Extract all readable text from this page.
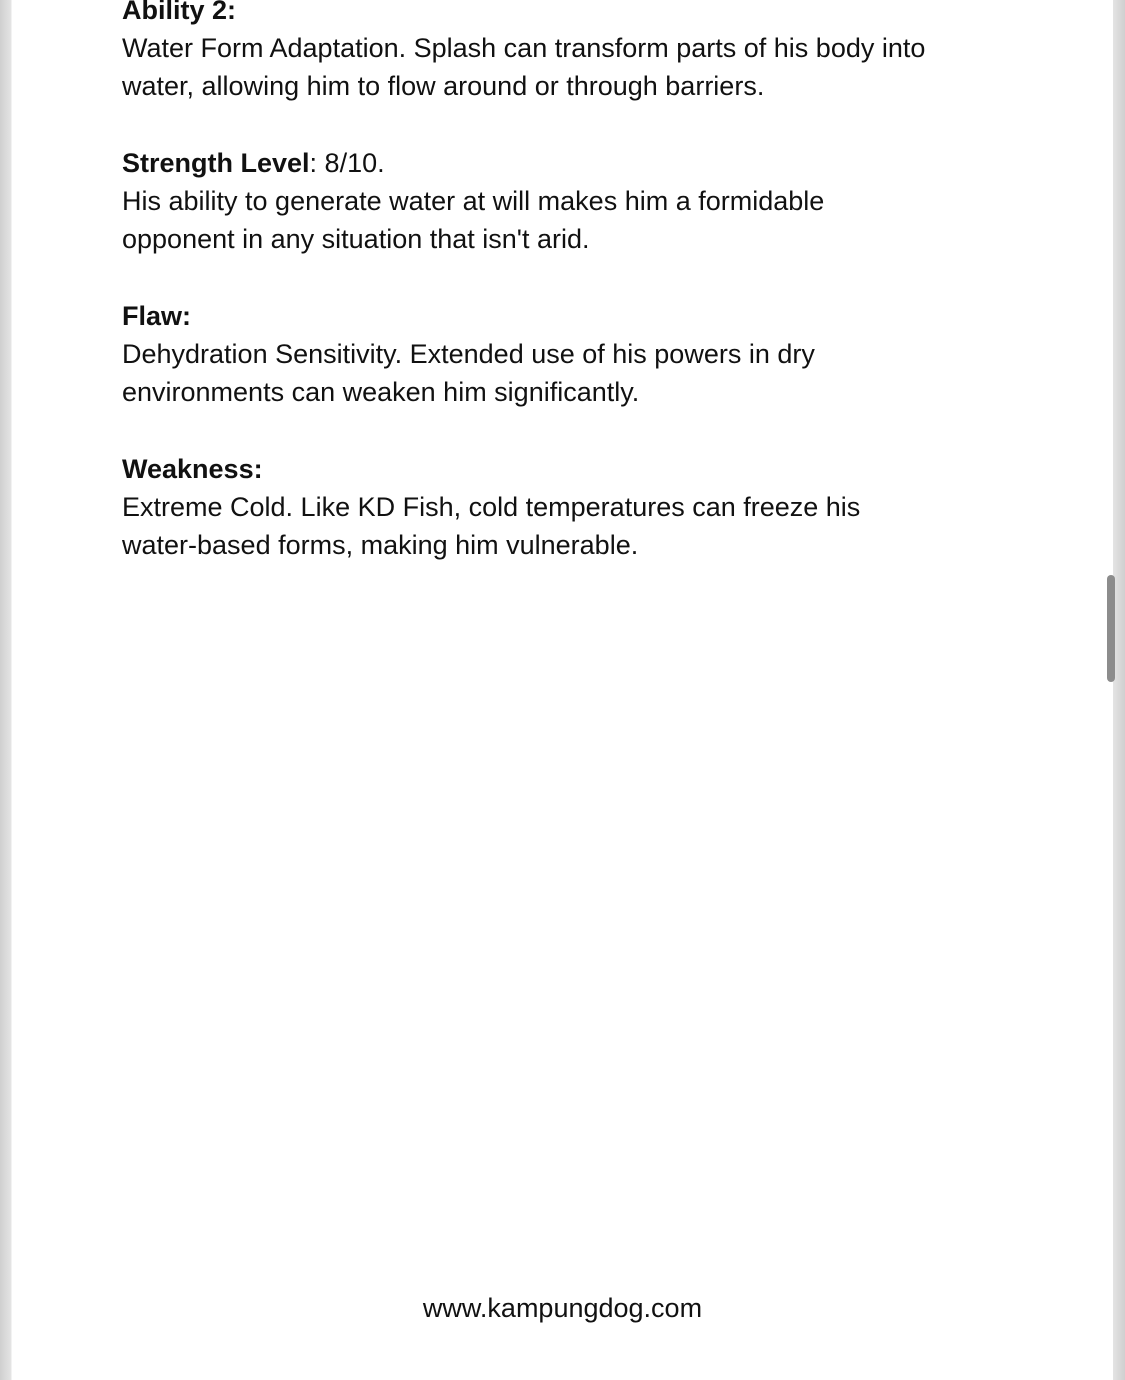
Ability 2:
Water Form Adaptation. Splash can transform parts of his body into
water, allowing him to flow around or through barriers.
Strength Level: 8/10.
His ability to generate water at will makes him a formidable
opponent in any situation that isn't arid.
Flaw:
Dehydration Sensitivity. Extended use of his powers in dry
environments can weaken him significantly.
Weakness:
Extreme Cold. Like KD Fish, cold temperatures can freeze his
water-based forms, making him vulnerable.
www.kampungdog.com
